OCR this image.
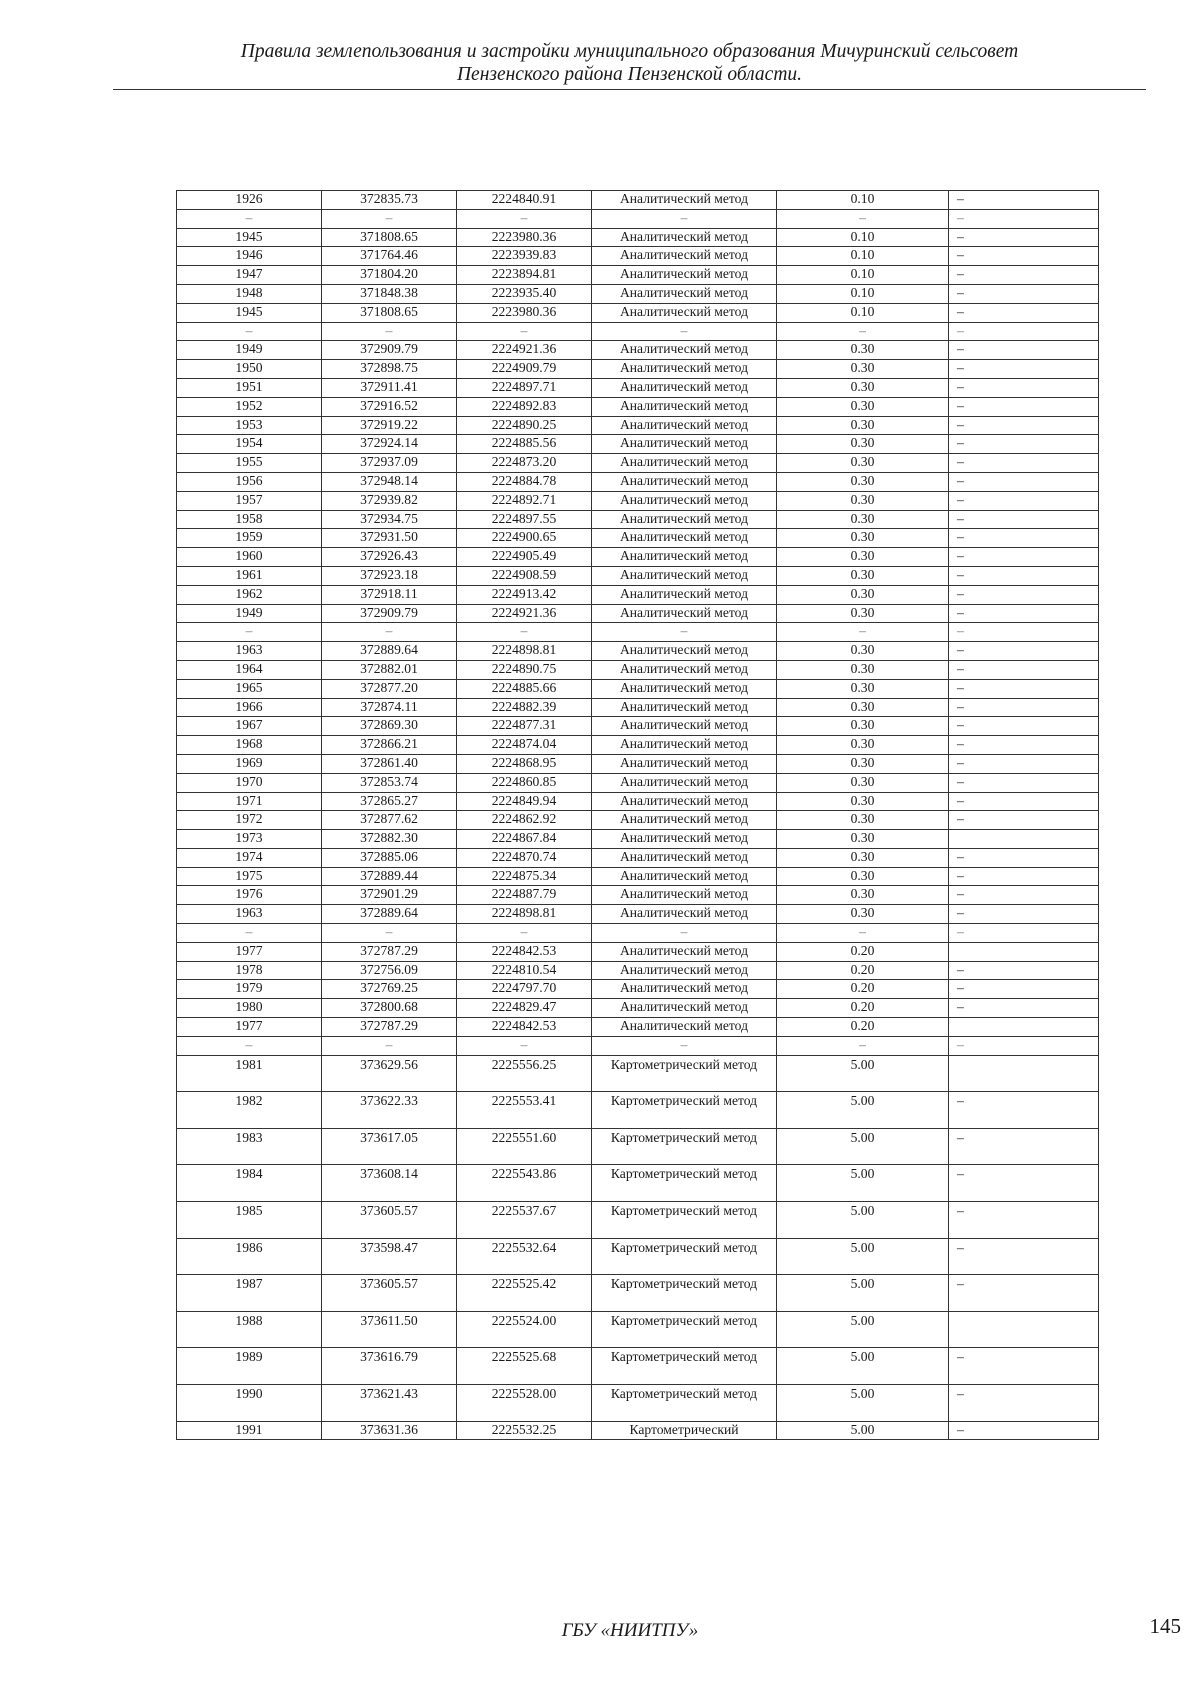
Правила землепользования и застройки муниципального образования Мичуринский сельсовет
Пензенского района Пензенской области.
1926	372835.73	2224840.91	Аналитический метод	0.10	–
–	–	–	–	–	–
1945	371808.65	2223980.36	Аналитический метод	0.10	–
1946	371764.46	2223939.83	Аналитический метод	0.10	–
1947	371804.20	2223894.81	Аналитический метод	0.10	–
1948	371848.38	2223935.40	Аналитический метод	0.10	–
1945	371808.65	2223980.36	Аналитический метод	0.10	–
–	–	–	–	–	–
1949	372909.79	2224921.36	Аналитический метод	0.30	–
1950	372898.75	2224909.79	Аналитический метод	0.30	–
1951	372911.41	2224897.71	Аналитический метод	0.30	–
1952	372916.52	2224892.83	Аналитический метод	0.30	–
1953	372919.22	2224890.25	Аналитический метод	0.30	–
1954	372924.14	2224885.56	Аналитический метод	0.30	–
1955	372937.09	2224873.20	Аналитический метод	0.30	–
1956	372948.14	2224884.78	Аналитический метод	0.30	–
1957	372939.82	2224892.71	Аналитический метод	0.30	–
1958	372934.75	2224897.55	Аналитический метод	0.30	–
1959	372931.50	2224900.65	Аналитический метод	0.30	–
1960	372926.43	2224905.49	Аналитический метод	0.30	–
1961	372923.18	2224908.59	Аналитический метод	0.30	–
1962	372918.11	2224913.42	Аналитический метод	0.30	–
1949	372909.79	2224921.36	Аналитический метод	0.30	–
–	–	–	–	–	–
1963	372889.64	2224898.81	Аналитический метод	0.30	–
1964	372882.01	2224890.75	Аналитический метод	0.30	–
1965	372877.20	2224885.66	Аналитический метод	0.30	–
1966	372874.11	2224882.39	Аналитический метод	0.30	–
1967	372869.30	2224877.31	Аналитический метод	0.30	–
1968	372866.21	2224874.04	Аналитический метод	0.30	–
1969	372861.40	2224868.95	Аналитический метод	0.30	–
1970	372853.74	2224860.85	Аналитический метод	0.30	–
1971	372865.27	2224849.94	Аналитический метод	0.30	–
1972	372877.62	2224862.92	Аналитический метод	0.30	–
1973	372882.30	2224867.84	Аналитический метод	0.30	
1974	372885.06	2224870.74	Аналитический метод	0.30	–
1975	372889.44	2224875.34	Аналитический метод	0.30	–
1976	372901.29	2224887.79	Аналитический метод	0.30	–
1963	372889.64	2224898.81	Аналитический метод	0.30	–
–	–	–	–	–	–
1977	372787.29	2224842.53	Аналитический метод	0.20	
1978	372756.09	2224810.54	Аналитический метод	0.20	–
1979	372769.25	2224797.70	Аналитический метод	0.20	–
1980	372800.68	2224829.47	Аналитический метод	0.20	–
1977	372787.29	2224842.53	Аналитический метод	0.20	
–	–	–	–	–	–
1981	373629.56	2225556.25	Картометрический метод	5.00	
1982	373622.33	2225553.41	Картометрический метод	5.00	–
1983	373617.05	2225551.60	Картометрический метод	5.00	–
1984	373608.14	2225543.86	Картометрический метод	5.00	–
1985	373605.57	2225537.67	Картометрический метод	5.00	–
1986	373598.47	2225532.64	Картометрический метод	5.00	–
1987	373605.57	2225525.42	Картометрический метод	5.00	–
1988	373611.50	2225524.00	Картометрический метод	5.00	
1989	373616.79	2225525.68	Картометрический метод	5.00	–
1990	373621.43	2225528.00	Картометрический метод	5.00	–
1991	373631.36	2225532.25	Картометрический	5.00	–
ГБУ «НИИТПУ»	145
